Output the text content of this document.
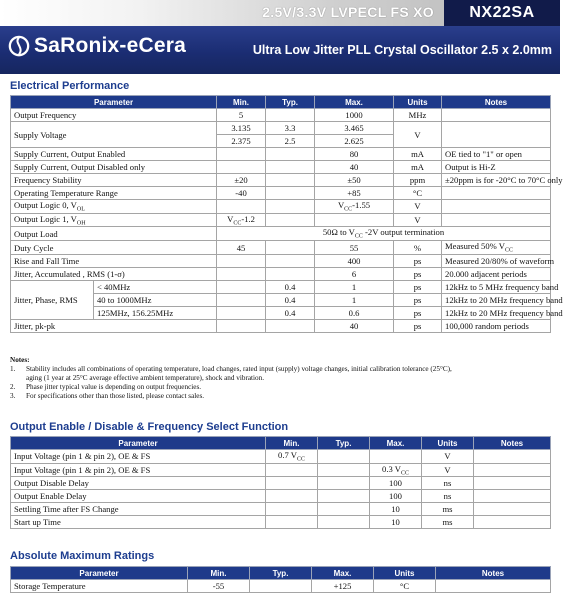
2.5V/3.3V LVPECL FS XO	NX22SA
SaRonix-eCera	Ultra Low Jitter PLL Crystal Oscillator 2.5 x 2.0mm
Electrical Performance
Parameter		Min.	Typ.	Max.	Units	Notes
Output Frequency		5		1000	MHz	
Supply Voltage		3.135	3.3	3.465	V	
		2.375	2.5	2.625		
Supply Current, Output Enabled				80	mA	OE tied to "1" or open
Supply Current, Output Disabled only				40	mA	Output is Hi-Z
Frequency Stability		±20		±50	ppm	±20ppm is for -20°C to 70°C only
Operating Temperature Range		-40		+85	°C	
Output Logic 0, $V_{OL}$				$V_{CC}-1.55$	V	
Output Logic 1, $V_{OH}$		$V_{CC}-1.2$			V	
Output Load		50Ω to $V_{CC}$ -2V output termination				
Duty Cycle		45		55	%	Measured 50% $V_{CC}$
Rise and Fall Time				400	ps	Measured 20/80% of waveform
Jitter, Accumulated , RMS (1-σ)				6	ps	20.000 adjacent periods
Jitter, Phase, RMS	< 40MHz		0.4	1	ps	12kHz to 5 MHz frequency band
	40 to 1000MHz		0.4	1	ps	12kHz to 20 MHz frequency band
	125MHz, 156.25MHz		0.4	0.6	ps	12kHz to 20 MHz frequency band
Jitter, pk-pk				40	ps	100,000 random periods
Notes:
1.	Stability includes all combinations of operating temperature, load changes, rated input (supply) voltage changes, initial calibration tolerance (25°C),
aging (1 year at 25°C average effective ambient temperature), shock and vibration.
2.	Phase jitter typical value is depending on output frequencies.
3.	For specifications other than those listed, please contact sales.
Output Enable / Disable & Frequency Select Function
Parameter	Min.	Typ.	Max.	Units	Notes
Input Voltage (pin 1 & pin 2), OE & FS	0.7 $V_{CC}$			V	
Input Voltage (pin 1 & pin 2), OE & FS			0.3 $V_{CC}$	V	
Output Disable Delay			100	ns	
Output Enable Delay			100	ns	
Settling Time after FS Change			10	ms	
Start up Time			10	ms	
Absolute Maximum Ratings
Parameter	Min.	Typ.	Max.	Units	Notes
Storage Temperature	-55		+125	°C	
